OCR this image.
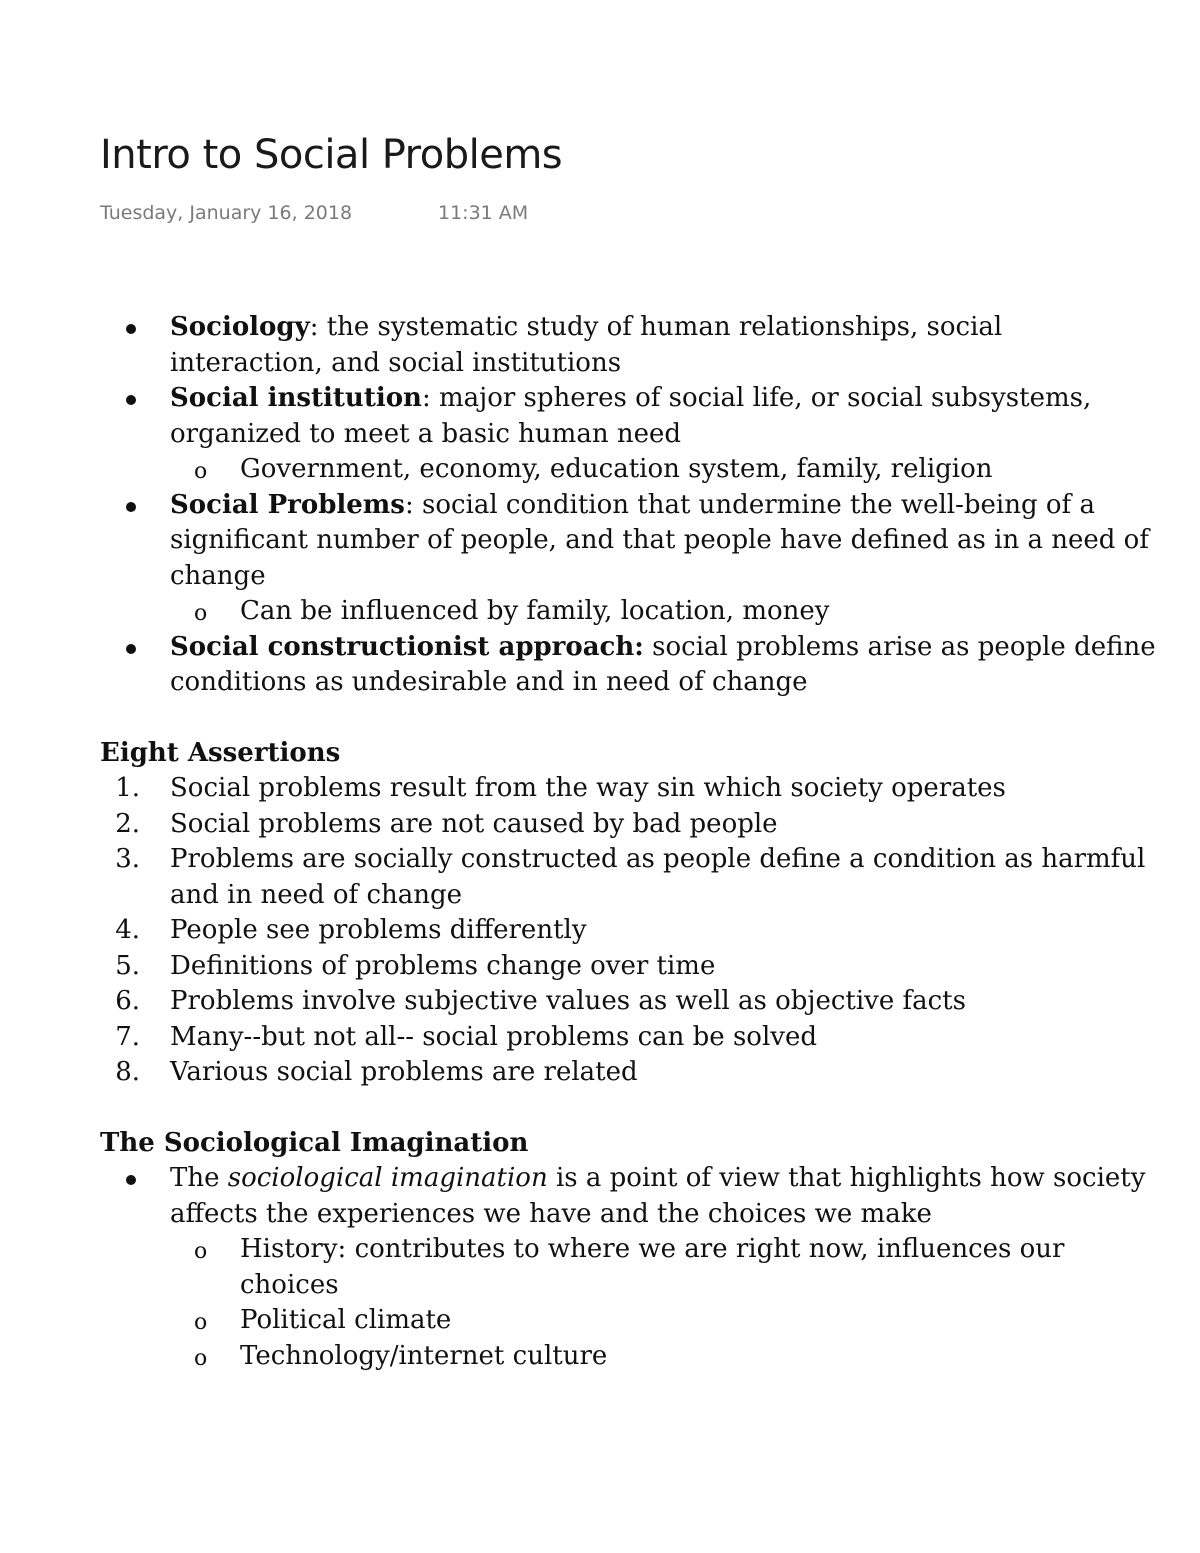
Intro to Social Problems
Tuesday, January 16, 2018	11:31 AM
Sociology: the systematic study of human relationships, social interaction, and social institutions
Social institution: major spheres of social life, or social subsystems, organized to meet a basic human need
o Government, economy, education system, family, religion
Social Problems: social condition that undermine the well-being of a significant number of people, and that people have defined as in a need of change
o Can be influenced by family, location, money
Social constructionist approach: social problems arise as people define conditions as undesirable and in need of change
Eight Assertions
1. Social problems result from the way sin which society operates
2. Social problems are not caused by bad people
3. Problems are socially constructed as people define a condition as harmful and in need of change
4. People see problems differently
5. Definitions of problems change over time
6. Problems involve subjective values as well as objective facts
7. Many--but not all-- social problems can be solved
8. Various social problems are related
The Sociological Imagination
The sociological imagination is a point of view that highlights how society affects the experiences we have and the choices we make
o History: contributes to where we are right now, influences our choices
o Political climate
o Technology/internet culture
